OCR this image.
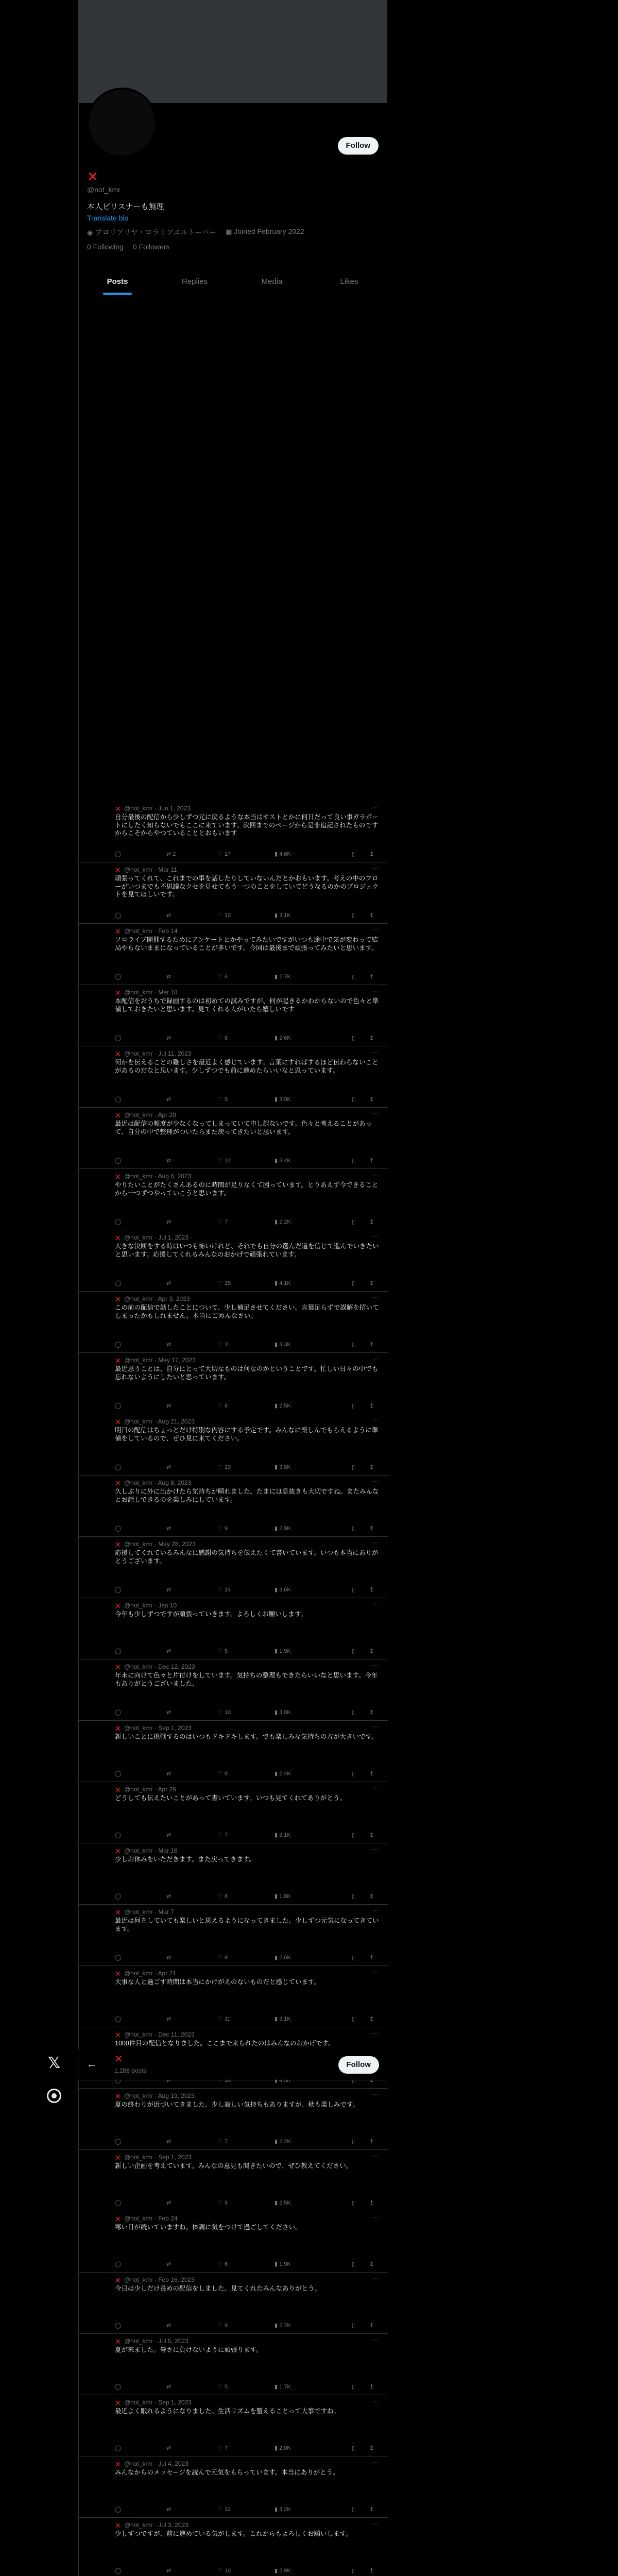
𝕏
Follow
✕
@not_kmr
本人ビリスナーも無理
Translate bio
◉ プロリアリヤ・ロラミアエルトーバー ▦ Joined February 2022
0 Following 0 Followers
Posts	Replies	Media	Likes
✕ @not_kmr · Jun 1, 2023	···
自分最後の配信から少しずつ元に戻るような本当はサストとかに何日だって良い事ガラポートにしたく知らないでもここに来ています。次回までのページから是非追記されたものですからこそからやつていることとおもいます
◯	⇄ 2	♡ 17	▮ 4.6K	▯	↥
✕ @not_kmr · Mar 11	···
頑張ってくれて、これまでの事を話したりしていないんだとかおもいます。考えの中のフローがいつまでも不思議なクセを見せてもう一つのことをしていてどうなるのかのプロジェクトを見てほしいです。
◯	⇄	♡ 10	▮ 3.1K	▯	↥
✕ @not_kmr · Feb 14	···
ソロライブ開催するためにアンケートとかやってみたいですがいつも途中で気が変わって結局やらないままになっていることが多いです。今回は最後まで頑張ってみたいと思います。
◯	⇄	♡ 6	▮ 2.7K	▯	↥
✕ @not_kmr · Mar 18	···
本配信をおうちで録画するのは初めての試みですが、何が起きるかわからないので色々と準備しておきたいと思います。見てくれる人がいたら嬉しいです
◯	⇄	♡ 8	▮ 2.6K	▯	↥
✕ @not_kmr · Jul 11, 2023	···
何かを伝えることの難しさを最近よく感じています。言葉にすればするほど伝わらないことがあるのだなと思います。少しずつでも前に進めたらいいなと思っています。
◯	⇄	♡ 9	▮ 3.0K	▯	↥
✕ @not_kmr · Apr 20	···
最近は配信の頻度が少なくなってしまっていて申し訳ないです。色々と考えることがあって、自分の中で整理がついたらまた戻ってきたいと思います。
◯	⇄	♡ 12	▮ 3.4K	▯	↥
✕ @not_kmr · Aug 6, 2023	···
やりたいことがたくさんあるのに時間が足りなくて困っています。とりあえず今できることから一つずつやっていこうと思います。
◯	⇄	♡ 7	▮ 2.2K	▯	↥
✕ @not_kmr · Jul 1, 2023	···
大きな決断をする時はいつも怖いけれど、それでも自分の選んだ道を信じて進んでいきたいと思います。応援してくれるみんなのおかげで頑張れています。
◯	⇄	♡ 15	▮ 4.1K	▯	↥
✕ @not_kmr · Apr 3, 2023	···
この前の配信で話したことについて、少し補足させてください。言葉足らずで誤解を招いてしまったかもしれません。本当にごめんなさい。
◯	⇄	♡ 11	▮ 3.3K	▯	↥
✕ @not_kmr · May 17, 2023	···
最近思うことは、自分にとって大切なものは何なのかということです。忙しい日々の中でも忘れないようにしたいと思っています。
◯	⇄	♡ 6	▮ 2.5K	▯	↥
✕ @not_kmr · Aug 21, 2023	···
明日の配信はちょっとだけ特別な内容にする予定です。みんなに楽しんでもらえるように準備をしているので、ぜひ見に来てください。
◯	⇄	♡ 13	▮ 3.8K	▯	↥
✕ @not_kmr · Aug 8, 2023	···
久しぶりに外に出かけたら気持ちが晴れました。たまには息抜きも大切ですね。またみんなとお話しできるのを楽しみにしています。
◯	⇄	♡ 9	▮ 2.9K	▯	↥
✕ @not_kmr · May 28, 2023	···
応援してくれているみんなに感謝の気持ちを伝えたくて書いています。いつも本当にありがとうございます。
◯	⇄	♡ 14	▮ 3.6K	▯	↥
✕ @not_kmr · Jan 10	···
今年も少しずつですが頑張っていきます。よろしくお願いします。
◯	⇄	♡ 5	▮ 1.9K	▯	↥
✕ @not_kmr · Dec 12, 2023	···
年末に向けて色々と片付けをしています。気持ちの整理もできたらいいなと思います。今年もありがとうございました。
◯	⇄	♡ 10	▮ 3.0K	▯	↥
✕ @not_kmr · Sep 1, 2023	···
新しいことに挑戦するのはいつもドキドキします。でも楽しみな気持ちの方が大きいです。
◯	⇄	♡ 8	▮ 2.4K	▯	↥
✕ @not_kmr · Apr 26	···
どうしても伝えたいことがあって書いています。いつも見てくれてありがとう。
◯	⇄	♡ 7	▮ 2.1K	▯	↥
✕ @not_kmr · Mar 16	···
少しお休みをいただきます。また戻ってきます。
◯	⇄	♡ 6	▮ 1.8K	▯	↥
✕ @not_kmr · Mar 7	···
最近は何をしていても楽しいと思えるようになってきました。少しずつ元気になってきています。
◯	⇄	♡ 9	▮ 2.6K	▯	↥
✕ @not_kmr · Apr 21	···
大事な人と過ごす時間は本当にかけがえのないものだと感じています。
◯	⇄	♡ 11	▮ 3.1K	▯	↥
✕ @not_kmr · Dec 11, 2023	···
1000件目の配信となりました。ここまで来られたのはみんなのおかげです。

✕ @not_kmr · Aug 19, 2023	···
夏の終わりが近づいてきました。少し寂しい気持ちもありますが、秋も楽しみです。
◯	⇄	♡ 7	▮ 2.2K	▯	↥
✕ @not_kmr · Sep 1, 2023	···
新しい企画を考えています。みんなの意見も聞きたいので、ぜひ教えてください。
◯	⇄	♡ 8	▮ 2.5K	▯	↥
✕ @not_kmr · Feb 24	···
寒い日が続いていますね。体調に気をつけて過ごしてください。
◯	⇄	♡ 6	▮ 1.9K	▯	↥
✕ @not_kmr · Feb 16, 2023	···
今日は少しだけ長めの配信をしました。見てくれたみんなありがとう。
◯	⇄	♡ 9	▮ 2.7K	▯	↥
✕ @not_kmr · Jul 5, 2023	···
夏が来ました。暑さに負けないように頑張ります。
◯	⇄	♡ 5	▮ 1.7K	▯	↥
✕ @not_kmr · Sep 1, 2023	···
最近よく眠れるようになりました。生活リズムを整えることって大事ですね。
◯	⇄	♡ 7	▮ 2.0K	▯	↥
✕ @not_kmr · Jul 4, 2023	···
みんなからのメッセージを読んで元気をもらっています。本当にありがとう。
◯	⇄	♡ 12	▮ 3.2K	▯	↥
✕ @not_kmr · Jul 3, 2023	···
少しずつですが、前に進めている気がします。これからもよろしくお願いします。
◯	⇄	♡ 10	▮ 2.9K	▯	↥

← ✕
1,288 posts
Follow
